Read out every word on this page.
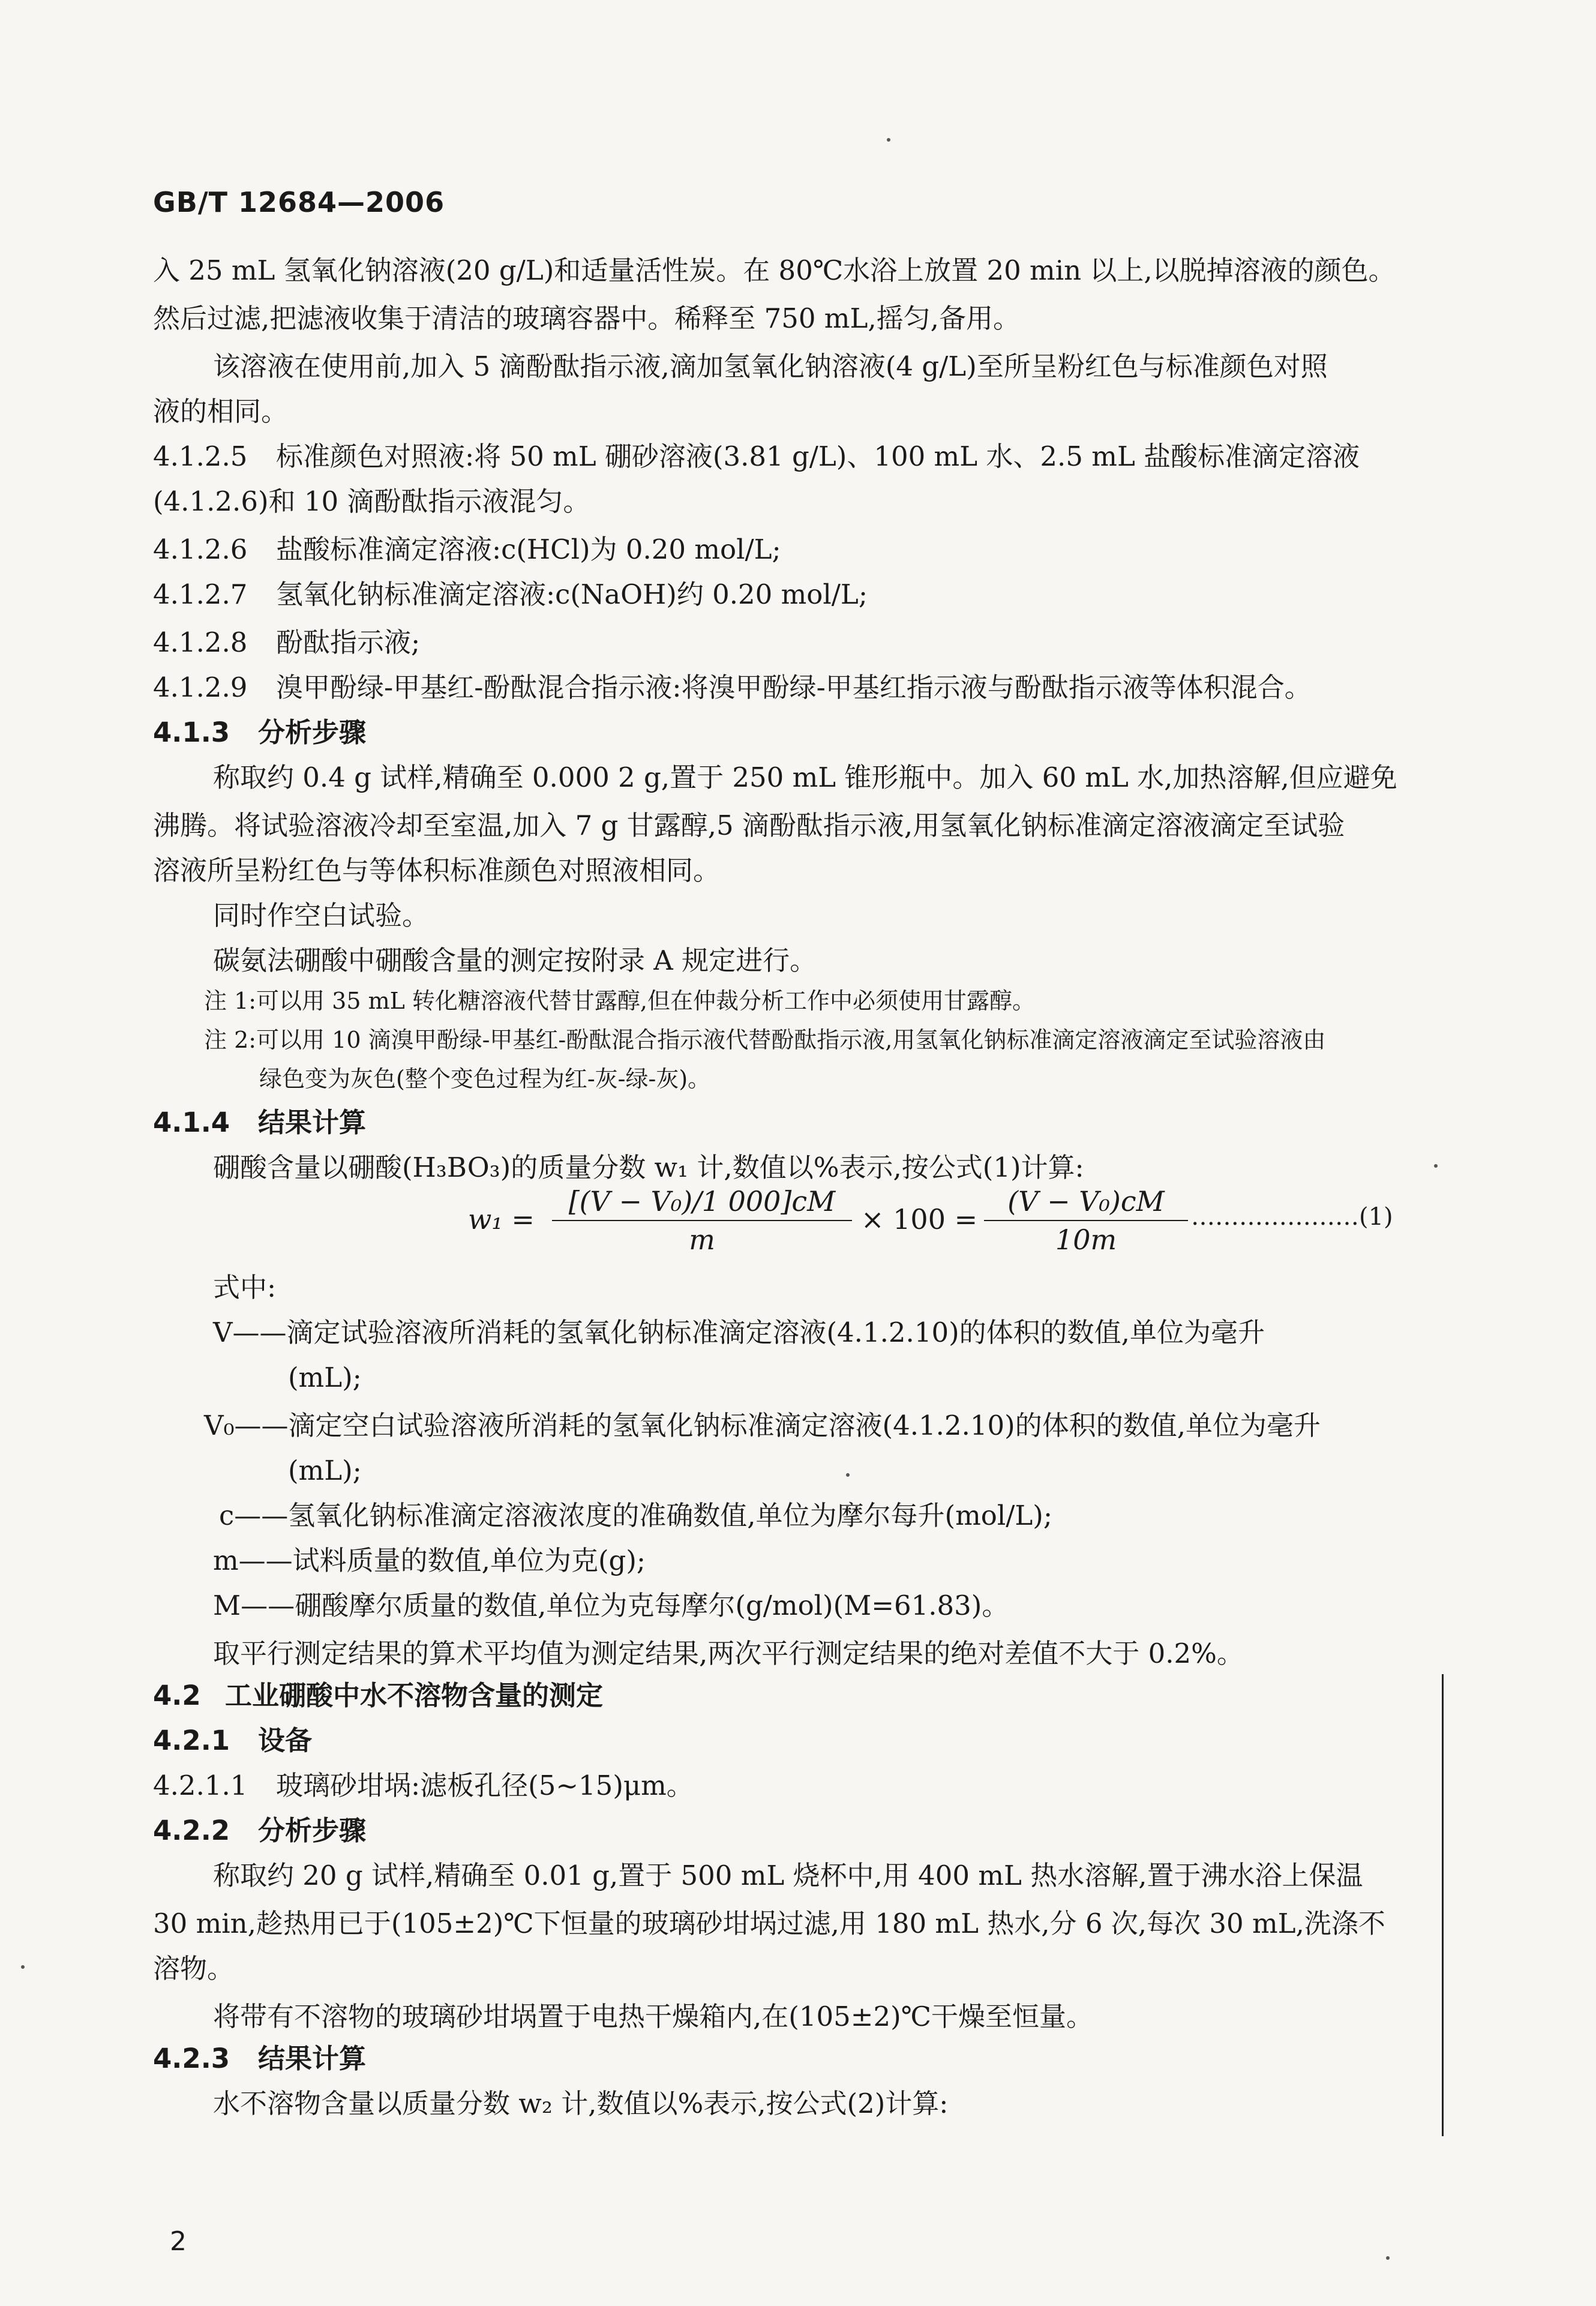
GB/T 12684—2006
入 25 mL 氢氧化钠溶液(20 g/L)和适量活性炭。在 80℃水浴上放置 20 min 以上,以脱掉溶液的颜色。
然后过滤,把滤液收集于清洁的玻璃容器中。稀释至 750 mL,摇匀,备用。
该溶液在使用前,加入 5 滴酚酞指示液,滴加氢氧化钠溶液(4 g/L)至所呈粉红色与标准颜色对照
液的相同。
4.1.2.5 标准颜色对照液:将 50 mL 硼砂溶液(3.81 g/L)、100 mL 水、2.5 mL 盐酸标准滴定溶液
(4.1.2.6)和 10 滴酚酞指示液混匀。
4.1.2.6 盐酸标准滴定溶液:c(HCl)为 0.20 mol/L;
4.1.2.7 氢氧化钠标准滴定溶液:c(NaOH)约 0.20 mol/L;
4.1.2.8 酚酞指示液;
4.1.2.9 溴甲酚绿-甲基红-酚酞混合指示液:将溴甲酚绿-甲基红指示液与酚酞指示液等体积混合。
4.1.3 分析步骤
称取约 0.4 g 试样,精确至 0.000 2 g,置于 250 mL 锥形瓶中。加入 60 mL 水,加热溶解,但应避免
沸腾。将试验溶液冷却至室温,加入 7 g 甘露醇,5 滴酚酞指示液,用氢氧化钠标准滴定溶液滴定至试验
溶液所呈粉红色与等体积标准颜色对照液相同。
同时作空白试验。
碳氨法硼酸中硼酸含量的测定按附录 A 规定进行。
注 1:可以用 35 mL 转化糖溶液代替甘露醇,但在仲裁分析工作中必须使用甘露醇。
注 2:可以用 10 滴溴甲酚绿-甲基红-酚酞混合指示液代替酚酞指示液,用氢氧化钠标准滴定溶液滴定至试验溶液由
绿色变为灰色(整个变色过程为红-灰-绿-灰)。
4.1.4 结果计算
硼酸含量以硼酸(H₃BO₃)的质量分数 w₁ 计,数值以%表示,按公式(1)计算:
$w_1 = \frac{\text{[(V − V₀)/1 000]cM}}{m} \times 100 = \frac{\text{(V − V₀)cM}}{10m}$ …………………(1)
式中:
V——滴定试验溶液所消耗的氢氧化钠标准滴定溶液(4.1.2.10)的体积的数值,单位为毫升
(mL);
V₀——滴定空白试验溶液所消耗的氢氧化钠标准滴定溶液(4.1.2.10)的体积的数值,单位为毫升
(mL);
c——氢氧化钠标准滴定溶液浓度的准确数值,单位为摩尔每升(mol/L);
m——试料质量的数值,单位为克(g);
M——硼酸摩尔质量的数值,单位为克每摩尔(g/mol)(M=61.83)。
取平行测定结果的算术平均值为测定结果,两次平行测定结果的绝对差值不大于 0.2%。
4.2 工业硼酸中水不溶物含量的测定
4.2.1 设备
4.2.1.1 玻璃砂坩埚:滤板孔径(5~15)μm。
4.2.2 分析步骤
称取约 20 g 试样,精确至 0.01 g,置于 500 mL 烧杯中,用 400 mL 热水溶解,置于沸水浴上保温
30 min,趁热用已于(105±2)℃下恒量的玻璃砂坩埚过滤,用 180 mL 热水,分 6 次,每次 30 mL,洗涤不
溶物。
将带有不溶物的玻璃砂坩埚置于电热干燥箱内,在(105±2)℃干燥至恒量。
4.2.3 结果计算
水不溶物含量以质量分数 w₂ 计,数值以%表示,按公式(2)计算:
2
